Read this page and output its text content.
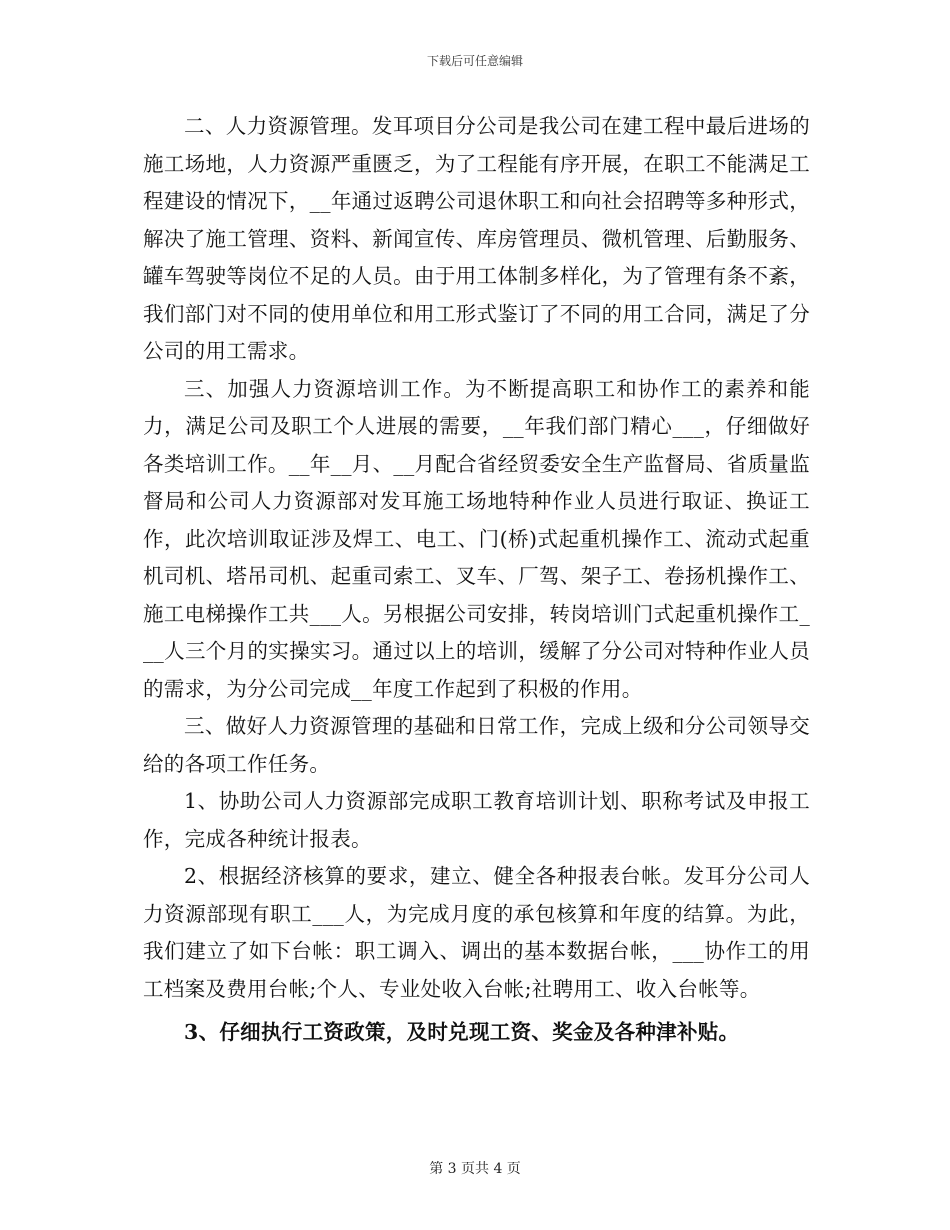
下载后可任意编辑

二、人力资源管理。发耳项目分公司是我公司在建工程中最后进场的施工场地，人力资源严重匮乏，为了工程能有序开展，在职工不能满足工程建设的情况下，__年通过返聘公司退休职工和向社会招聘等多种形式，解决了施工管理、资料、新闻宣传、库房管理员、微机管理、后勤服务、罐车驾驶等岗位不足的人员。由于用工体制多样化，为了管理有条不紊，我们部门对不同的使用单位和用工形式鉴订了不同的用工合同，满足了分公司的用工需求。

三、加强人力资源培训工作。为不断提高职工和协作工的素养和能力，满足公司及职工个人进展的需要，__年我们部门精心___，仔细做好各类培训工作。__年__月、__月配合省经贸委安全生产监督局、省质量监督局和公司人力资源部对发耳施工场地特种作业人员进行取证、换证工作，此次培训取证涉及焊工、电工、门(桥)式起重机操作工、流动式起重机司机、塔吊司机、起重司索工、叉车、厂驾、架子工、卷扬机操作工、施工电梯操作工共___人。另根据公司安排，转岗培训门式起重机操作工___人三个月的实操实习。通过以上的培训，缓解了分公司对特种作业人员的需求，为分公司完成__年度工作起到了积极的作用。

三、做好人力资源管理的基础和日常工作，完成上级和分公司领导交给的各项工作任务。

1、协助公司人力资源部完成职工教育培训计划、职称考试及申报工作，完成各种统计报表。

2、根据经济核算的要求，建立、健全各种报表台帐。发耳分公司人力资源部现有职工___人，为完成月度的承包核算和年度的结算。为此，我们建立了如下台帐：职工调入、调出的基本数据台帐，___协作工的用工档案及费用台帐;个人、专业处收入台帐;社聘用工、收入台帐等。

3、仔细执行工资政策，及时兑现工资、奖金及各种津补贴。

第 3 页共 4 页
